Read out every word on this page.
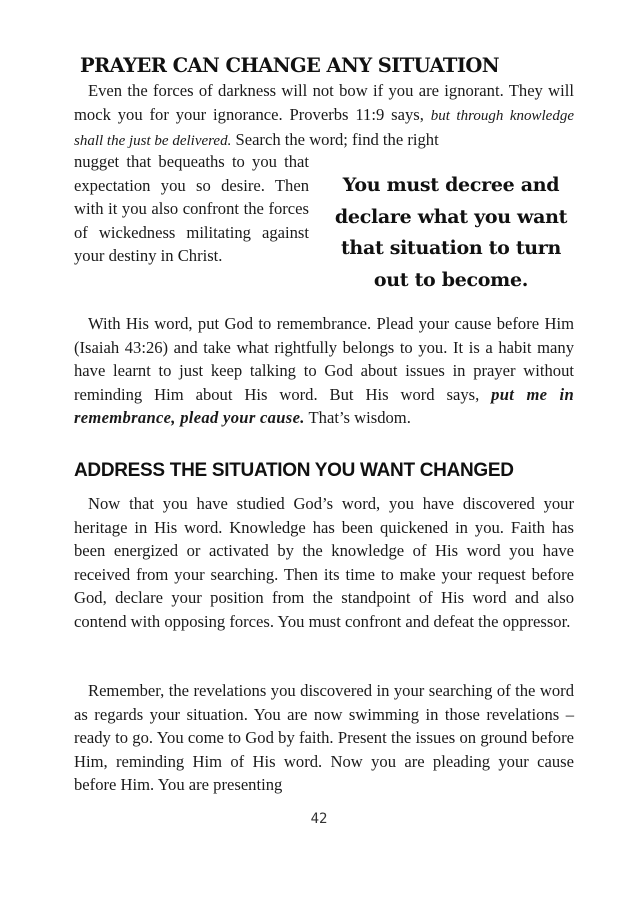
PRAYER CAN CHANGE ANY SITUATION

Even the forces of darkness will not bow if you are ignorant. They will mock you for your ignorance. Proverbs 11:9 says, but through knowledge shall the just be delivered. Search the word; find the right

nugget that bequeaths to you that expectation you so desire. Then with it you also confront the forces of wickedness militating against your destiny in Christ.

You must decree and declare what you want that situation to turn out to become.

With His word, put God to remembrance. Plead your cause before Him (Isaiah 43:26) and take what rightfully belongs to you. It is a habit many have learnt to just keep talking to God about issues in prayer without reminding Him about His word. But His word says, put me in remembrance, plead your cause. That’s wisdom.

ADDRESS THE SITUATION YOU WANT CHANGED

Now that you have studied God’s word, you have discovered your heritage in His word. Knowledge has been quickened in you. Faith has been energized or activated by the knowledge of His word you have received from your searching. Then its time to make your request before God, declare your position from the standpoint of His word and also contend with opposing forces. You must confront and defeat the oppressor.

Remember, the revelations you discovered in your searching of the word as regards your situation. You are now swimming in those revelations – ready to go. You come to God by faith. Present the issues on ground before Him, reminding Him of His word. Now you are pleading your cause before Him. You are presenting

42
